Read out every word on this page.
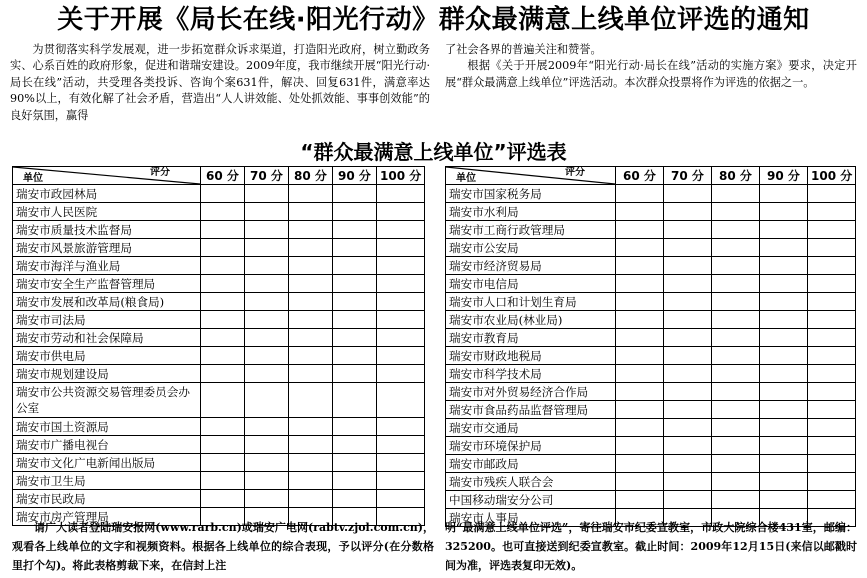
关于开展《局长在线·阳光行动》群众最满意上线单位评选的通知

为贯彻落实科学发展观，进一步拓宽群众诉求渠道，打造阳光政府，树立勤政务实、心系百姓的政府形象，促进和谐瑞安建设。2009年度，我市继续开展“阳光行动·局长在线”活动，共受理各类投诉、咨询个案631件，解决、回复631件，满意率达90%以上，有效化解了社会矛盾，营造出“人人讲效能、处处抓效能、事事创效能”的良好氛围，赢得

了社会各界的普遍关注和赞誉。
根据《关于开展2009年“阳光行动·局长在线”活动的实施方案》要求，决定开展“群众最满意上线单位”评选活动。本次群众投票将作为评选的依据之一。

“群众最满意上线单位”评选表
单位
评分	60 分	70 分	80 分	90 分	100 分
瑞安市政园林局					
瑞安市人民医院					
瑞安市质量技术监督局					
瑞安市风景旅游管理局					
瑞安市海洋与渔业局					
瑞安市安全生产监督管理局					
瑞安市发展和改革局(粮食局)					
瑞安市司法局					
瑞安市劳动和社会保障局					
瑞安市供电局					
瑞安市规划建设局					
瑞安市公共资源交易管理委员会办公室					
瑞安市国土资源局					
瑞安市广播电视台					
瑞安市文化广电新闻出版局					
瑞安市卫生局					
瑞安市民政局					
瑞安市房产管理局					
单位
评分	60 分	70 分	80 分	90 分	100 分
瑞安市国家税务局					
瑞安市水利局					
瑞安市工商行政管理局					
瑞安市公安局					
瑞安市经济贸易局					
瑞安市电信局					
瑞安市人口和计划生育局					
瑞安市农业局(林业局)					
瑞安市教育局					
瑞安市财政地税局					
瑞安市科学技术局					
瑞安市对外贸易经济合作局					
瑞安市食品药品监督管理局					
瑞安市交通局					
瑞安市环境保护局					
瑞安市邮政局					
瑞安市残疾人联合会					
中国移动瑞安分公司					
瑞安市人事局					

请广大读者登陆瑞安报网(www.rarb.cn)或瑞安广电网(rabtv.zjol.com.cn)，观看各上线单位的文字和视频资料。根据各上线单位的综合表现，予以评分(在分数格里打个勾)。将此表格剪裁下来，在信封上注

明“最满意上线单位评选”，寄往瑞安市纪委宣教室，市政大院综合楼431室，邮编：325200。也可直接送到纪委宣教室。截止时间：2009年12月15日(来信以邮戳时间为准，评选表复印无效)。
